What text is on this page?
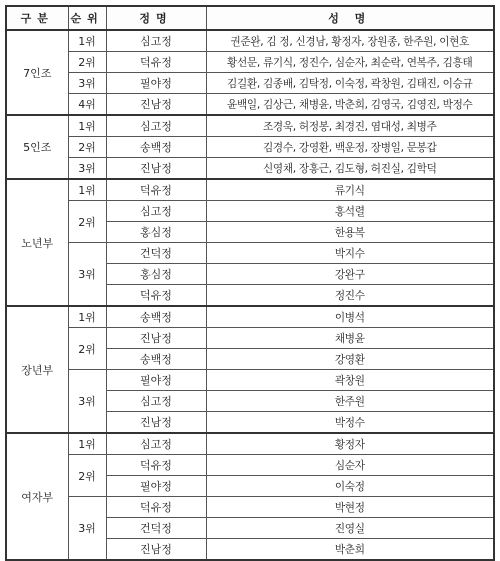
구분	순위	정명	성 명
7인조	1위	심고정	권준완, 김 정, 신경남, 황정자, 장원종, 한주원, 이현호
	2위	덕유정	황선문, 류기식, 정진수, 심순자, 최순락, 연복주, 김흥태
	3위	필야정	김길환, 김종배, 김탁정, 이숙정, 곽창원, 김태진, 이승규
	4위	진남정	윤백일, 김상근, 채병윤, 박춘희, 김영국, 김영진, 박정수
5인조	1위	심고정	조경욱, 허정봉, 최경진, 염대성, 최병주
	2위	송백정	김경수, 강영환, 백운정, 장병일, 문봉갑
	3위	진남정	신영채, 장홍근, 김도형, 허진실, 김학덕
노년부	1위	덕유정	류기식
	2위	심고정	홍석렬
		홍심정	한용복
	3위	건덕정	박지수
		홍심정	강완구
		덕유정	정진수
장년부	1위	송백정	이병석
	2위	진남정	채병윤
		송백정	강영환
	3위	필야정	곽창원
		심고정	한주원
		진남정	박정수
여자부	1위	심고정	황정자
	2위	덕유정	심순자
		필야정	이숙정
	3위	덕유정	박현정
		건덕정	진영실
		진남정	박춘희
